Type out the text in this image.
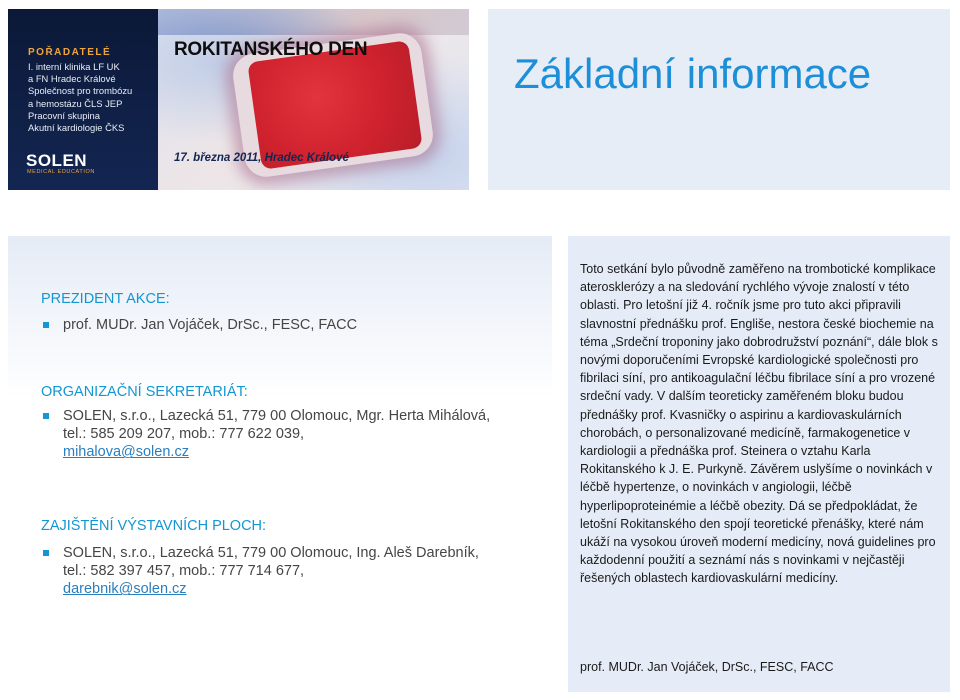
POŘADATELÉ
I. interní klinika LF UK
a FN Hradec Králové
Společnost pro trombózu
a hemostázu ČLS JEP
Pracovní skupina
Akutní kardiologie ČKS
SOLEN
MEDICAL EDUCATION
ROKITANSKÉHO DEN
17. března 2011, Hradec Králové
Základní informace
PREZIDENT AKCE:
prof. MUDr. Jan Vojáček, DrSc., FESC, FACC
ORGANIZAČNÍ SEKRETARIÁT:
SOLEN, s.r.o., Lazecká 51, 779 00 Olomouc, Mgr. Herta Mihálová, tel.: 585 209 207, mob.: 777 622 039,
mihalova@solen.cz
ZAJIŠTĚNÍ VÝSTAVNÍCH PLOCH:
SOLEN, s.r.o., Lazecká 51, 779 00 Olomouc, Ing. Aleš Darebník, tel.: 582 397 457, mob.: 777 714 677,
darebnik@solen.cz

Toto setkání bylo původně zaměřeno na trombotické komplikace aterosklerózy a na sledování rychlého vývoje znalostí v této oblasti. Pro letošní již 4. ročník jsme pro tuto akci připravili slavnostní přednášku prof. Engliše, nestora české biochemie na téma „Srdeční troponiny jako dobrodružství poznání“, dále blok s novými doporučeními Evropské kardiologické společnosti pro fibrilaci síní, pro antikoagulační léčbu fibrilace síní a pro vrozené srdeční vady. V dalším teoreticky zaměřeném bloku budou přednášky prof. Kvasničky o aspirinu a kardiovaskulárních chorobách, o personalizované medicíně, farmakogenetice v kardiologii a přednáška prof. Steinera o vztahu Karla Rokitanského k J. E. Purkyně. Závěrem uslyšíme o novinkách v léčbě hypertenze, o novinkách v angiologii, léčbě hyperlipoproteinémie a léčbě obezity. Dá se předpokládat, že letošní Rokitanského den spojí teoretické přenášky, které nám ukáží na vysokou úroveň moderní medicíny, nová guidelines pro každodenní použití a seznámí nás s novinkami v nejčastěji řešených oblastech kardiovaskulární medicíny.

prof. MUDr. Jan Vojáček, DrSc., FESC, FACC
